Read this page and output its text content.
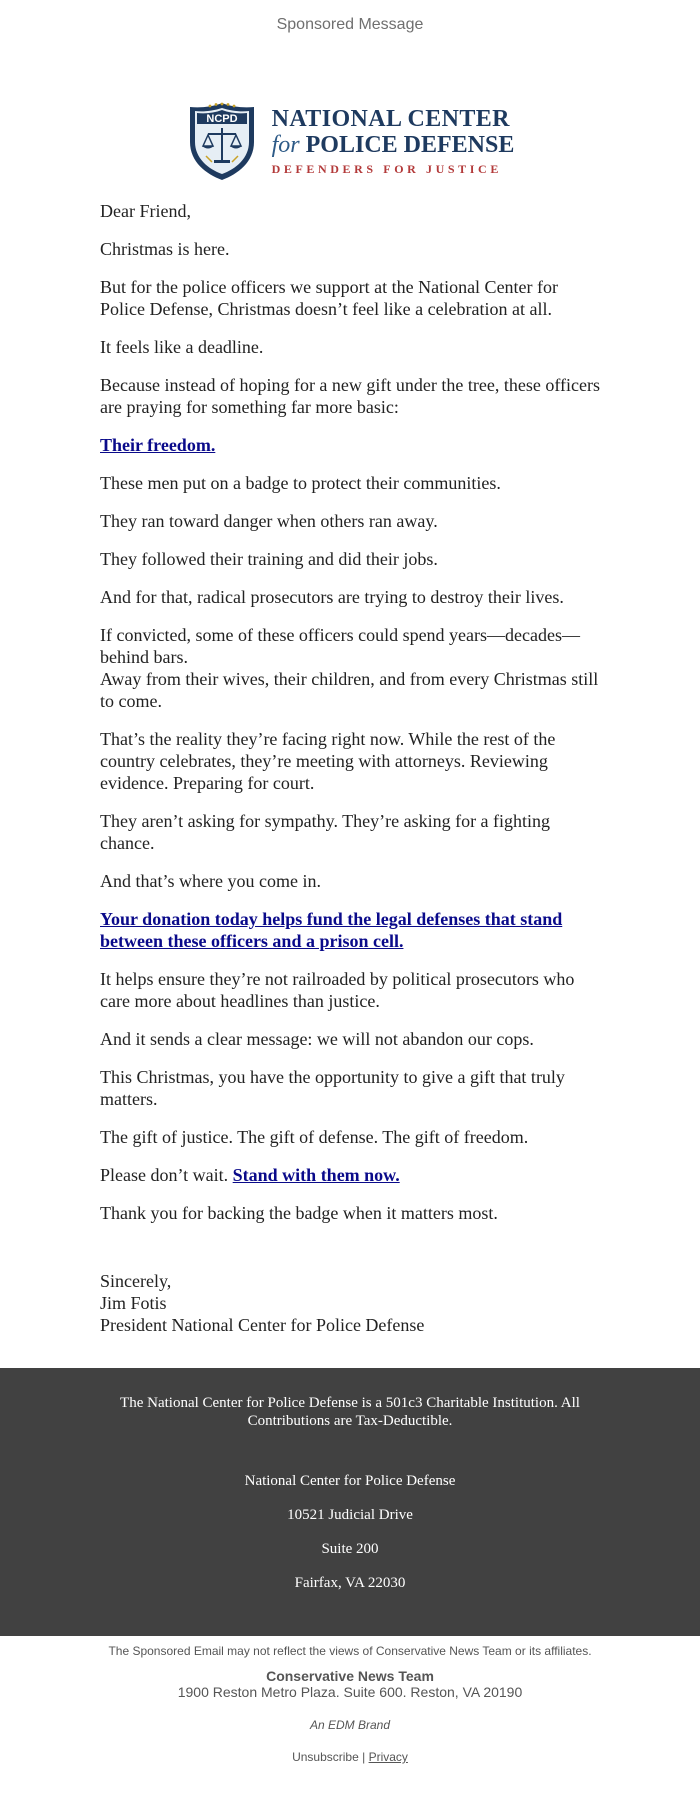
Sponsored Message
NCPD NATIONAL CENTER
for POLICE DEFENSE
DEFENDERS FOR JUSTICE

Dear Friend,

Christmas is here.

But for the police officers we support at the National Center for Police Defense, Christmas doesn’t feel like a celebration at all.

It feels like a deadline.

Because instead of hoping for a new gift under the tree, these officers are praying for something far more basic:

Their freedom.

These men put on a badge to protect their communities.

They ran toward danger when others ran away.

They followed their training and did their jobs.

And for that, radical prosecutors are trying to destroy their lives.

If convicted, some of these officers could spend years—decades—behind bars.
Away from their wives, their children, and from every Christmas still to come.

That’s the reality they’re facing right now. While the rest of the country celebrates, they’re meeting with attorneys. Reviewing evidence. Preparing for court.

They aren’t asking for sympathy. They’re asking for a fighting chance.

And that’s where you come in.

Your donation today helps fund the legal defenses that stand between these officers and a prison cell.

It helps ensure they’re not railroaded by political prosecutors who care more about headlines than justice.

And it sends a clear message: we will not abandon our cops.

This Christmas, you have the opportunity to give a gift that truly matters.

The gift of justice. The gift of defense. The gift of freedom.

Please don’t wait. Stand with them now.

Thank you for backing the badge when it matters most.

Sincerely,
Jim Fotis
President National Center for Police Defense
The National Center for Police Defense is a 501c3 Charitable Institution. All Contributions are Tax-Deductible.

National Center for Police Defense

10521 Judicial Drive

Suite 200

Fairfax, VA 22030

The Sponsored Email may not reflect the views of Conservative News Team or its affiliates.
Conservative News Team
1900 Reston Metro Plaza. Suite 600. Reston, VA 20190
An EDM Brand
Unsubscribe | Privacy
